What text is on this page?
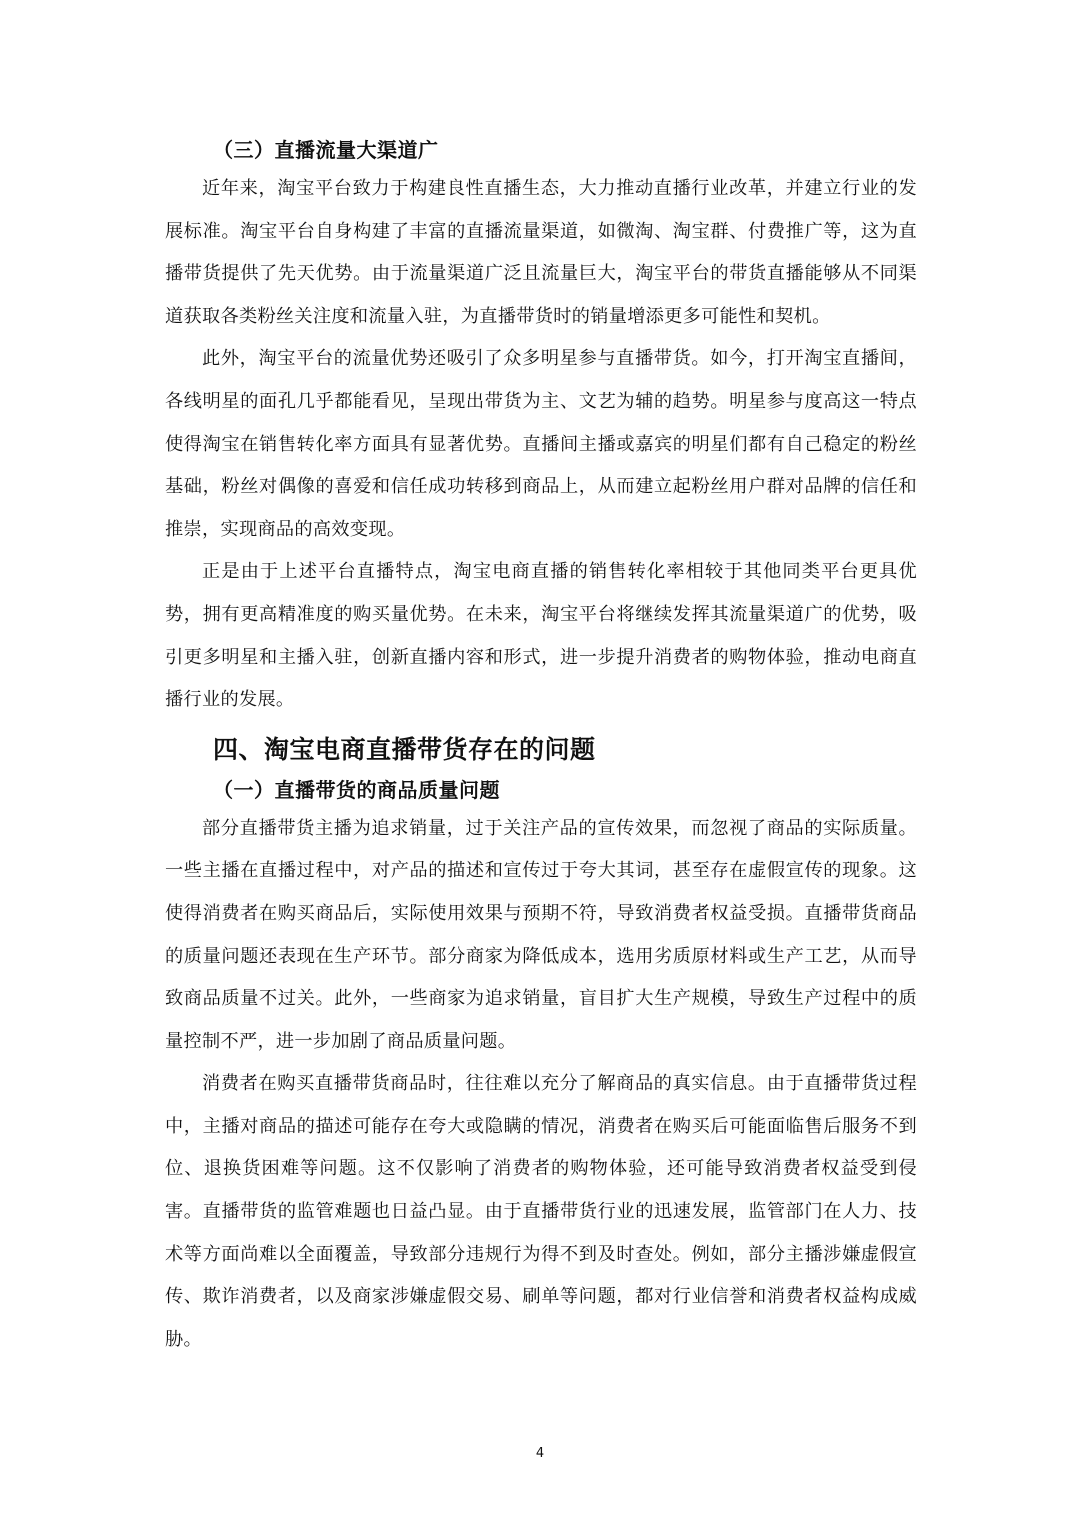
（三）直播流量大渠道广

近年来，淘宝平台致力于构建良性直播生态，大力推动直播行业改革，并建立行业的发展标准。淘宝平台自身构建了丰富的直播流量渠道，如微淘、淘宝群、付费推广等，这为直播带货提供了先天优势。由于流量渠道广泛且流量巨大，淘宝平台的带货直播能够从不同渠道获取各类粉丝关注度和流量入驻，为直播带货时的销量增添更多可能性和契机。

此外，淘宝平台的流量优势还吸引了众多明星参与直播带货。如今，打开淘宝直播间，各线明星的面孔几乎都能看见，呈现出带货为主、文艺为辅的趋势。明星参与度高这一特点使得淘宝在销售转化率方面具有显著优势。直播间主播或嘉宾的明星们都有自己稳定的粉丝基础，粉丝对偶像的喜爱和信任成功转移到商品上，从而建立起粉丝用户群对品牌的信任和推崇，实现商品的高效变现。

正是由于上述平台直播特点，淘宝电商直播的销售转化率相较于其他同类平台更具优势，拥有更高精准度的购买量优势。在未来，淘宝平台将继续发挥其流量渠道广的优势，吸引更多明星和主播入驻，创新直播内容和形式，进一步提升消费者的购物体验，推动电商直播行业的发展。

四、淘宝电商直播带货存在的问题
（一）直播带货的商品质量问题

部分直播带货主播为追求销量，过于关注产品的宣传效果，而忽视了商品的实际质量。一些主播在直播过程中，对产品的描述和宣传过于夸大其词，甚至存在虚假宣传的现象。这使得消费者在购买商品后，实际使用效果与预期不符，导致消费者权益受损。直播带货商品的质量问题还表现在生产环节。部分商家为降低成本，选用劣质原材料或生产工艺，从而导致商品质量不过关。此外，一些商家为追求销量，盲目扩大生产规模，导致生产过程中的质量控制不严，进一步加剧了商品质量问题。

消费者在购买直播带货商品时，往往难以充分了解商品的真实信息。由于直播带货过程中，主播对商品的描述可能存在夸大或隐瞒的情况，消费者在购买后可能面临售后服务不到位、退换货困难等问题。这不仅影响了消费者的购物体验，还可能导致消费者权益受到侵害。直播带货的监管难题也日益凸显。由于直播带货行业的迅速发展，监管部门在人力、技术等方面尚难以全面覆盖，导致部分违规行为得不到及时查处。例如，部分主播涉嫌虚假宣传、欺诈消费者，以及商家涉嫌虚假交易、刷单等问题，都对行业信誉和消费者权益构成威胁。

4
